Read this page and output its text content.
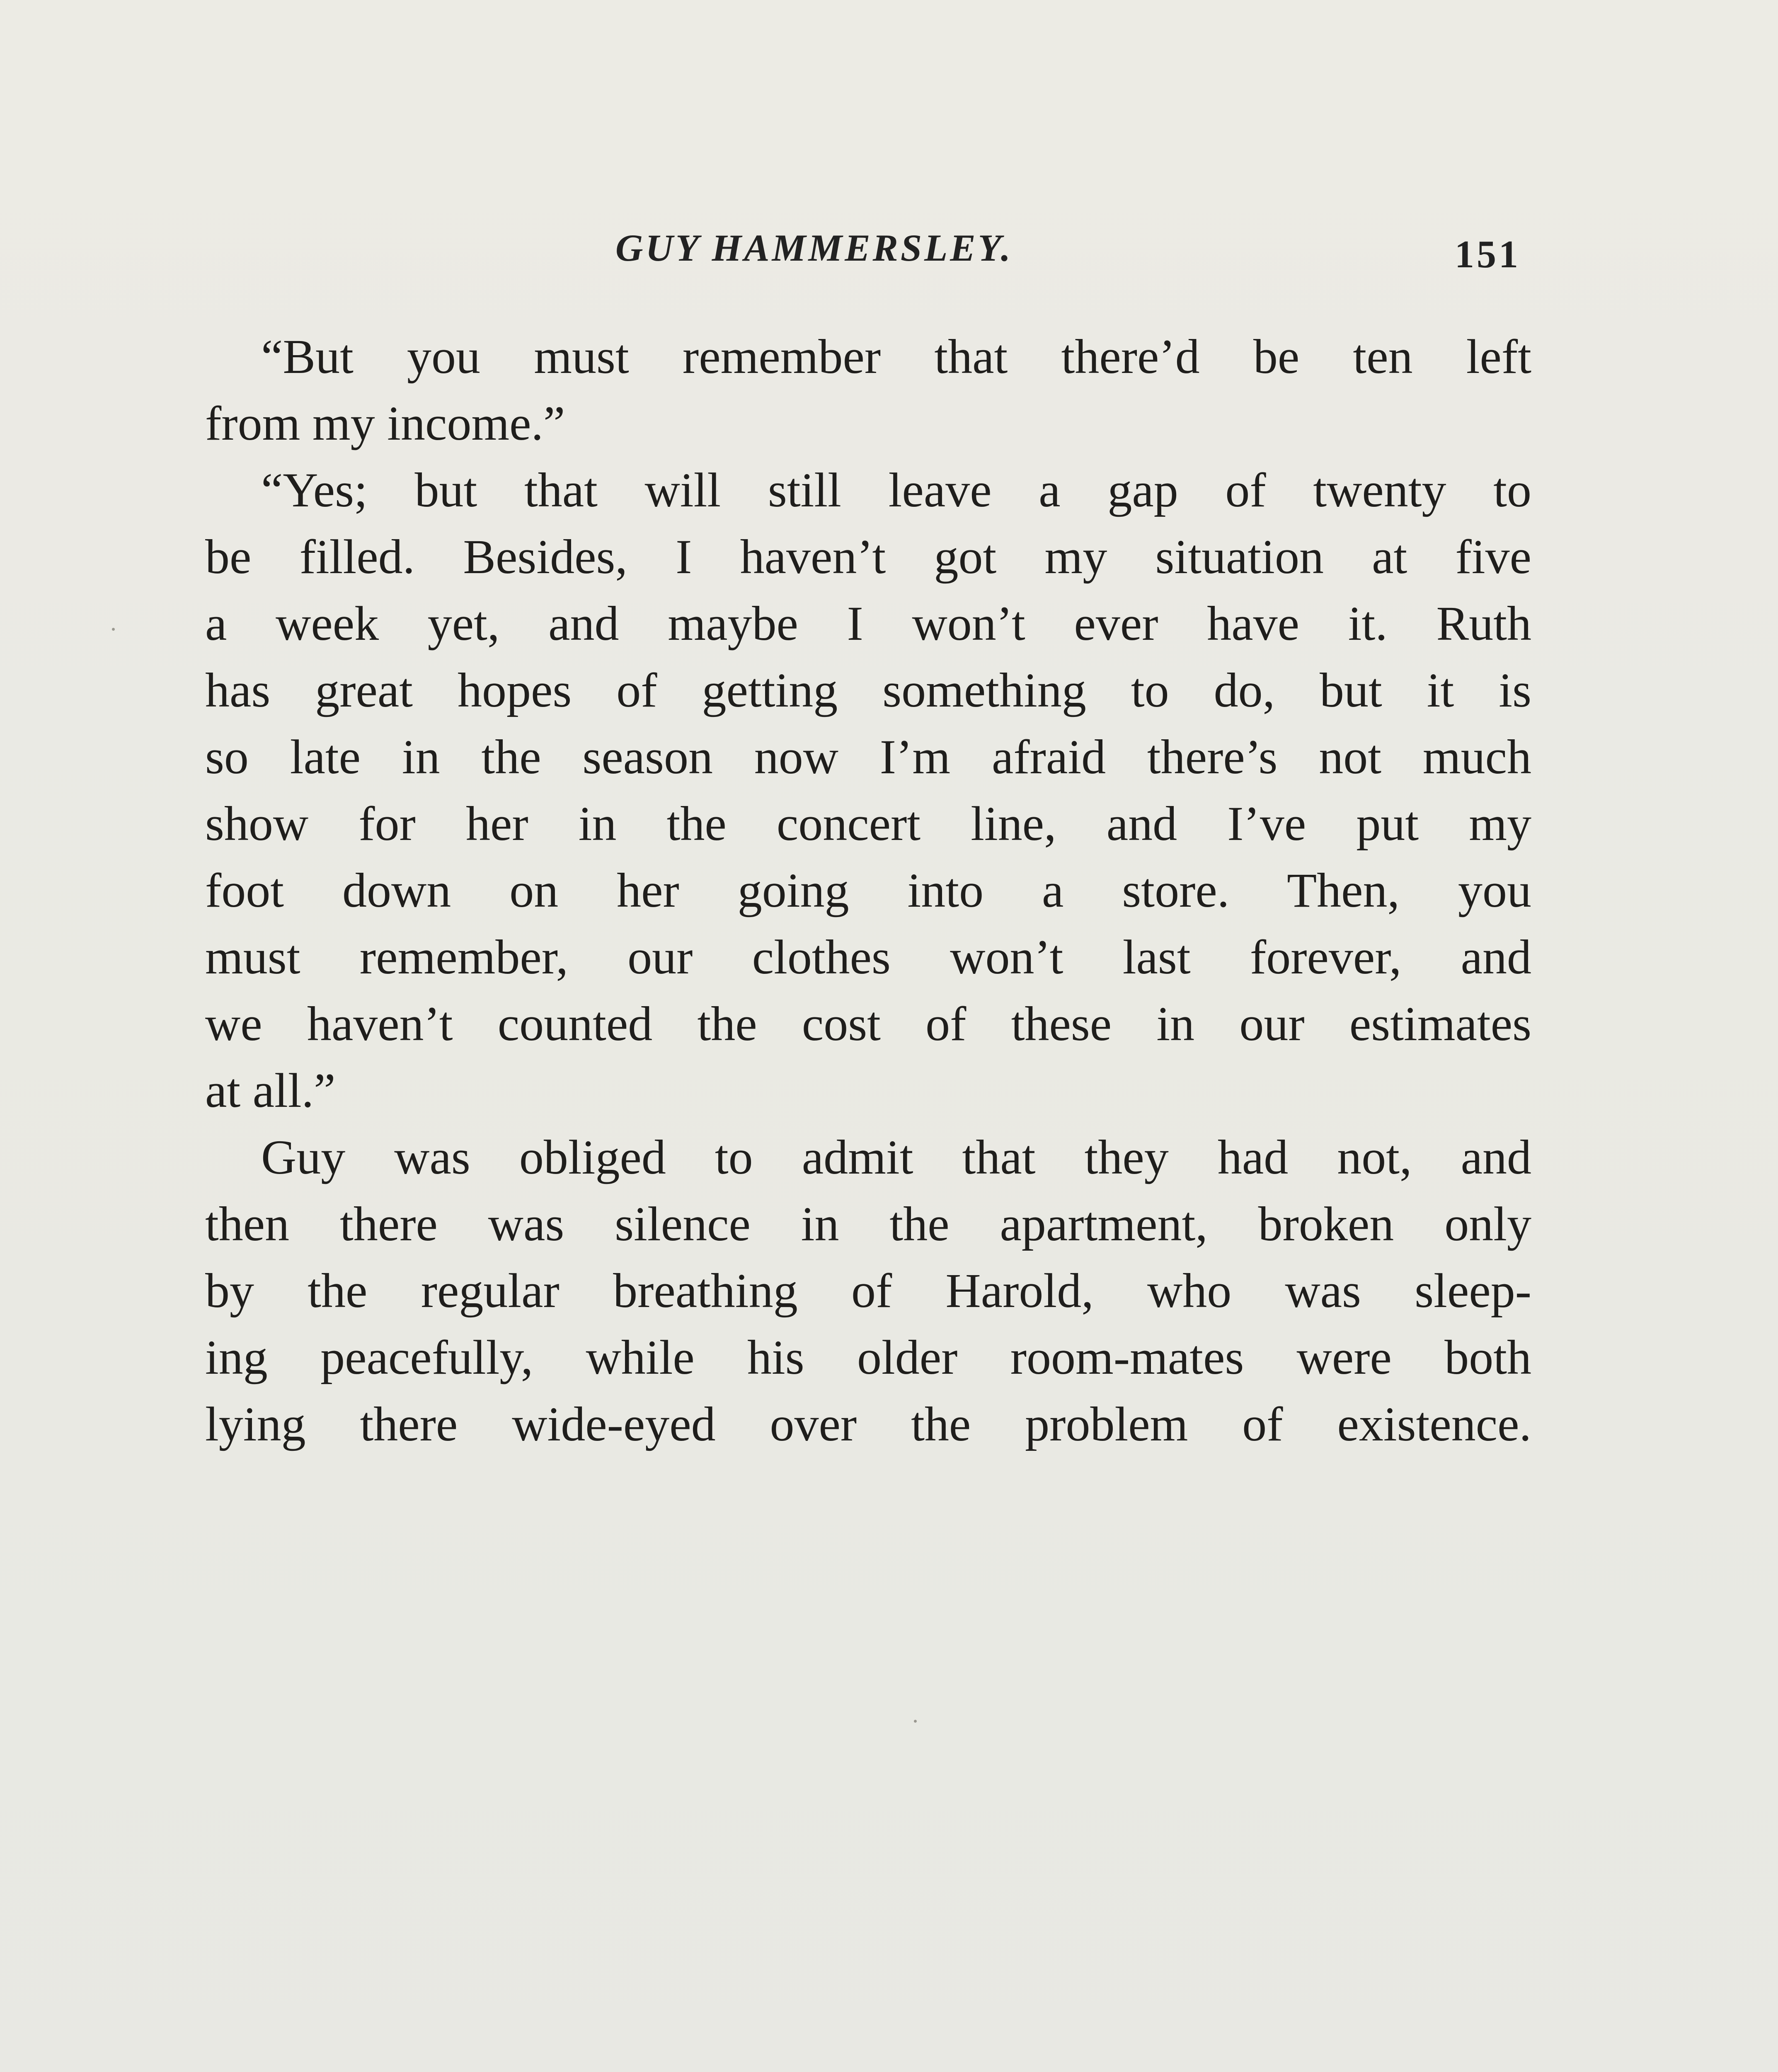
GUY HAMMERSLEY.	151
“But you must remember that there’d be ten left
from my income.”
“Yes; but that will still leave a gap of twenty to
be filled. Besides, I haven’t got my situation at five
a week yet, and maybe I won’t ever have it. Ruth
has great hopes of getting something to do, but it is
so late in the season now I’m afraid there’s not much
show for her in the concert line, and I’ve put my
foot down on her going into a store. Then, you
must remember, our clothes won’t last forever, and
we haven’t counted the cost of these in our estimates
at all.”
Guy was obliged to admit that they had not, and
then there was silence in the apartment, broken only
by the regular breathing of Harold, who was sleep-
ing peacefully, while his older room-mates were both
lying there wide-eyed over the problem of existence.
